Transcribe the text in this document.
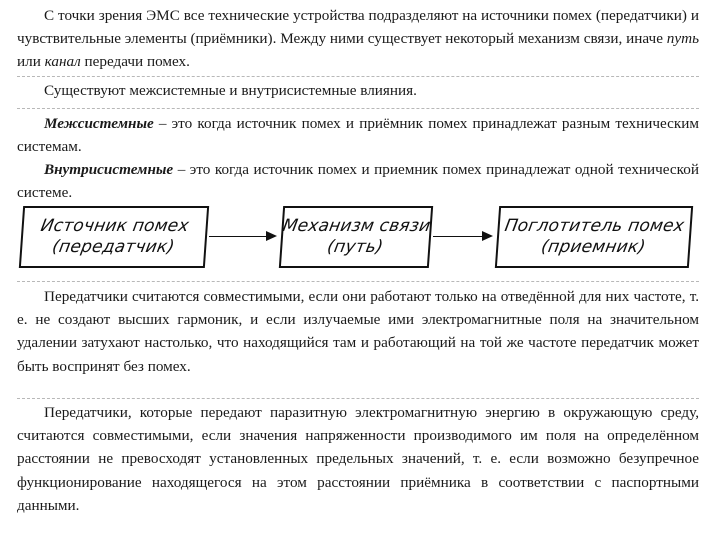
С точки зрения ЭМС все технические устройства подразделяют на источники помех (передатчики) и чувствительные элементы (приёмники). Между ними существует некоторый механизм связи, иначе путь или канал передачи помех.

Существуют межсистемные и внутрисистемные влияния.

Межсистемные – это когда источник помех и приёмник помех принадлежат разным техническим системам.

Внутрисистемные – это когда источник помех и приемник помех принадлежат одной технической системе.

Источник помех
(передатчик)
Механизм связи
(путь)
Поглотитель помех
(приемник)

Передатчики считаются совместимыми, если они работают только на отведённой для них частоте, т. е. не создают высших гармоник, и если излучаемые ими электромагнитные поля на значительном удалении затухают настолько, что находящийся там и работающий на той же частоте передатчик может быть воспринят без помех.

Передатчики, которые передают паразитную электромагнитную энергию в окружающую среду, считаются совместимыми, если значения напряженности производимого им поля на определённом расстоянии не превосходят установленных предельных значений, т. е. если возможно безупречное функционирование находящегося на этом расстоянии приёмника в соответствии с паспортными данными.
